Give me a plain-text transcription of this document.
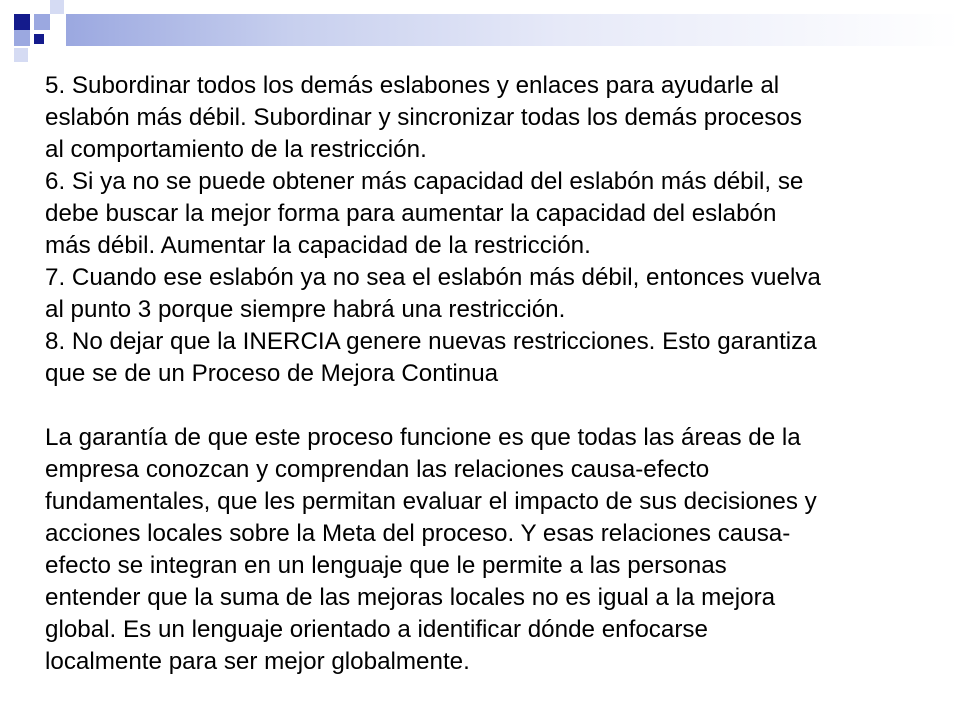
5. Subordinar todos los demás eslabones y enlaces para ayudarle al

eslabón más débil. Subordinar y sincronizar todas los demás procesos

al comportamiento de la restricción.

6. Si ya no se puede obtener más capacidad del eslabón más débil, se

debe buscar la mejor forma para aumentar la capacidad del eslabón

más débil. Aumentar la capacidad de la restricción.

7. Cuando ese eslabón ya no sea el eslabón más débil, entonces vuelva

al punto 3 porque siempre habrá una restricción.

8. No dejar que la INERCIA genere nuevas restricciones. Esto garantiza

que se de un Proceso de Mejora Continua

La garantía de que este proceso funcione es que todas las áreas de la

empresa conozcan y comprendan las relaciones causa-efecto

fundamentales, que les permitan evaluar el impacto de sus decisiones y

acciones locales sobre la Meta del proceso. Y esas relaciones causa-

efecto se integran en un lenguaje que le permite a las personas

entender que la suma de las mejoras locales no es igual a la mejora

global. Es un lenguaje orientado a identificar dónde enfocarse

localmente para ser mejor globalmente.
